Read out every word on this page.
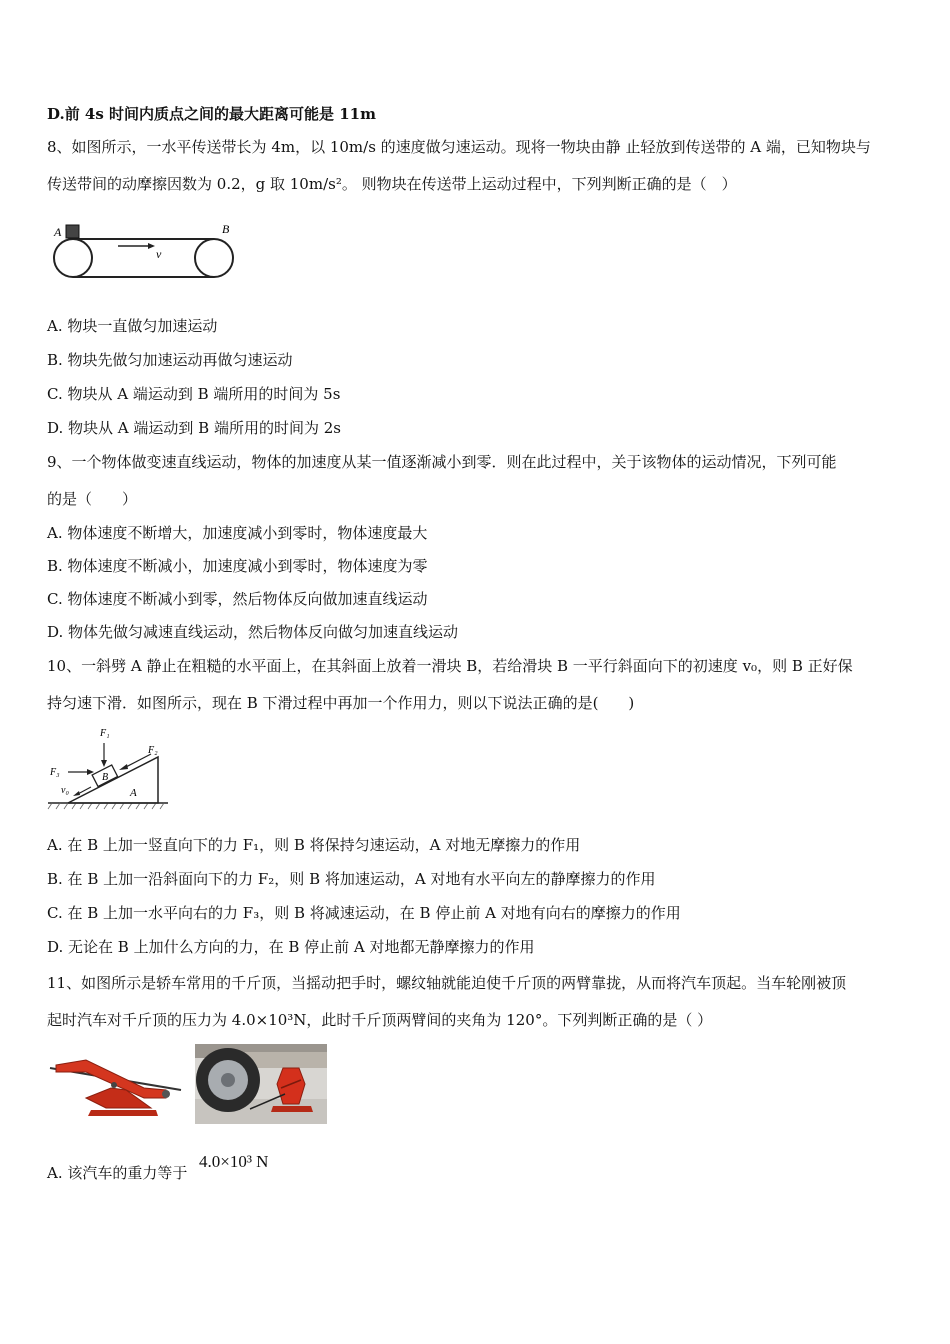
D.前 4s 时间内质点之间的最大距离可能是 11m
8、如图所示，一水平传送带长为 4m，以 10m/s 的速度做匀速运动。现将一物块由静 止轻放到传送带的 A 端，已知物块与
传送带间的动摩擦因数为 0.2，g 取 10m/s²。 则物块在传送带上运动过程中，下列判断正确的是（　）
A	B
v
A. 物块一直做匀加速运动
B. 物块先做匀加速运动再做匀速运动
C. 物块从 A 端运动到 B 端所用的时间为 5s
D. 物块从 A 端运动到 B 端所用的时间为 2s
9、一个物体做变速直线运动，物体的加速度从某一值逐渐减小到零．则在此过程中，关于该物体的运动情况，下列可能
的是（　　）
A. 物体速度不断增大，加速度减小到零时，物体速度最大
B. 物体速度不断减小，加速度减小到零时，物体速度为零
C. 物体速度不断减小到零，然后物体反向做加速直线运动
D. 物体先做匀减速直线运动，然后物体反向做匀加速直线运动
10、一斜劈 A 静止在粗糙的水平面上，在其斜面上放着一滑块 B，若给滑块 B 一平行斜面向下的初速度 v₀，则 B 正好保
持匀速下滑．如图所示，现在 B 下滑过程中再加一个作用力，则以下说法正确的是(　　)
F₁
F₂
F₃
v₀
B
A
A. 在 B 上加一竖直向下的力 F₁，则 B 将保持匀速运动，A 对地无摩擦力的作用
B. 在 B 上加一沿斜面向下的力 F₂，则 B 将加速运动，A 对地有水平向左的静摩擦力的作用
C. 在 B 上加一水平向右的力 F₃，则 B 将减速运动，在 B 停止前 A 对地有向右的摩擦力的作用
D. 无论在 B 上加什么方向的力，在 B 停止前 A 对地都无静摩擦力的作用
11、如图所示是轿车常用的千斤顶，当摇动把手时，螺纹轴就能迫使千斤顶的两臂靠拢，从而将汽车顶起。当车轮刚被顶
起时汽车对千斤顶的压力为 4.0×10³N，此时千斤顶两臂间的夹角为 120°。下列判断正确的是（ ）
A. 该汽车的重力等于
4.0×10³ N
